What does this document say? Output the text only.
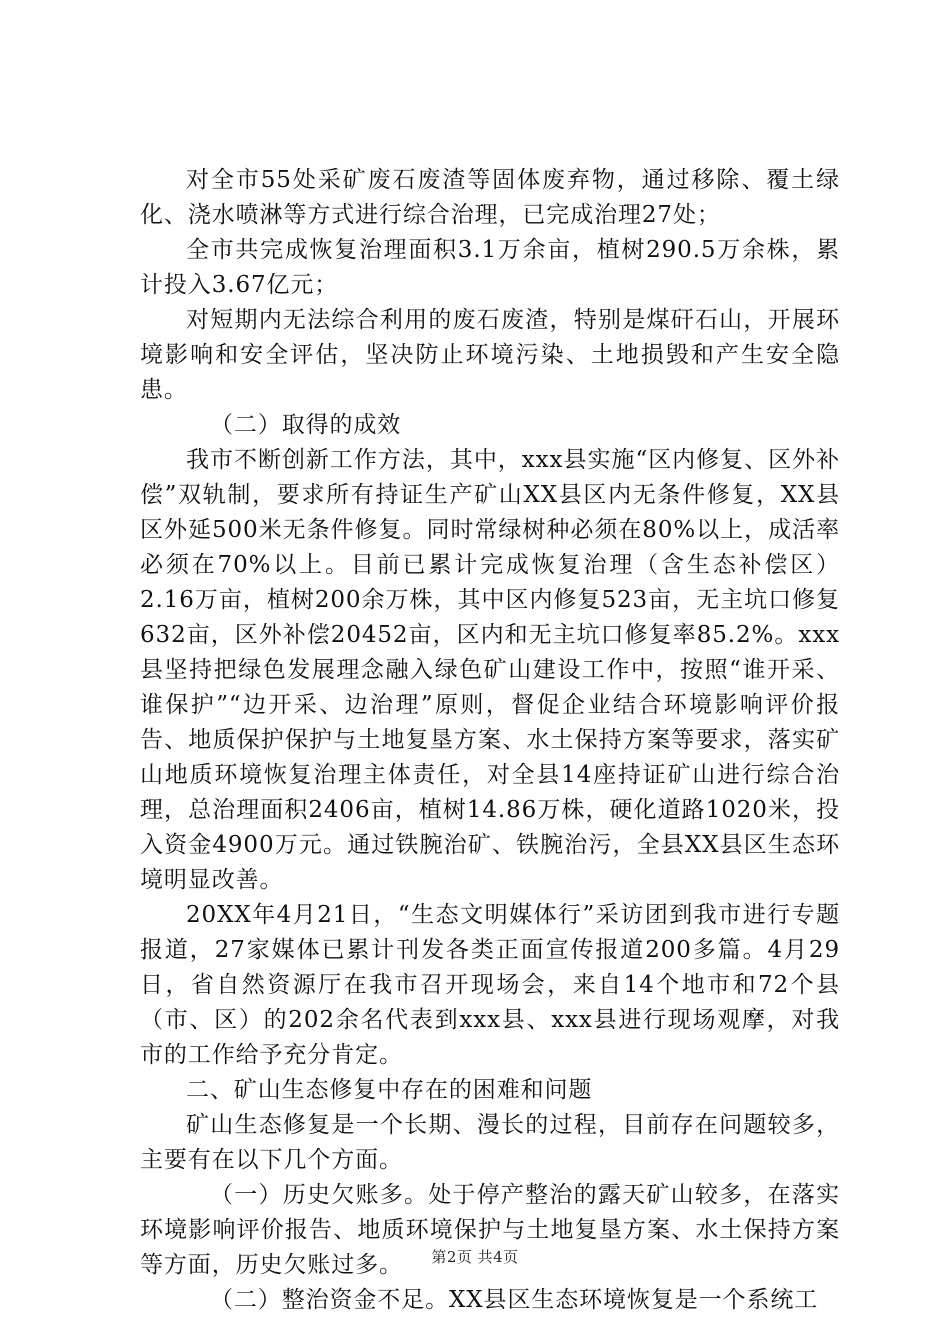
对全市55处采矿废石废渣等固体废弃物，通过移除、覆土绿化、浇水喷淋等方式进行综合治理，已完成治理27处；

全市共完成恢复治理面积3.1万余亩，植树290.5万余株，累计投入3.67亿元；

对短期内无法综合利用的废石废渣，特别是煤矸石山，开展环境影响和安全评估，坚决防止环境污染、土地损毁和产生安全隐患。

（二）取得的成效

我市不断创新工作方法，其中，xxx县实施“区内修复、区外补偿”双轨制，要求所有持证生产矿山XX县区内无条件修复，XX县区外延500米无条件修复。同时常绿树种必须在80%以上，成活率必须在70%以上。目前已累计完成恢复治理（含生态补偿区）2.16万亩，植树200余万株，其中区内修复523亩，无主坑口修复632亩，区外补偿20452亩，区内和无主坑口修复率85.2%。xxx县坚持把绿色发展理念融入绿色矿山建设工作中，按照“谁开采、谁保护”“边开采、边治理”原则，督促企业结合环境影响评价报告、地质保护保护与土地复垦方案、水土保持方案等要求，落实矿山地质环境恢复治理主体责任，对全县14座持证矿山进行综合治理，总治理面积2406亩，植树14.86万株，硬化道路1020米，投入资金4900万元。通过铁腕治矿、铁腕治污，全县XX县区生态环境明显改善。

20XX年4月21日，“生态文明媒体行”采访团到我市进行专题报道，27家媒体已累计刊发各类正面宣传报道200多篇。4月29日，省自然资源厅在我市召开现场会，来自14个地市和72个县（市、区）的202余名代表到xxx县、xxx县进行现场观摩，对我市的工作给予充分肯定。

二、矿山生态修复中存在的困难和问题

矿山生态修复是一个长期、漫长的过程，目前存在问题较多，主要有在以下几个方面。

（一）历史欠账多。处于停产整治的露天矿山较多，在落实环境影响评价报告、地质环境保护与土地复垦方案、水土保持方案等方面，历史欠账过多。

（二）整治资金不足。XX县区生态环境恢复是一个系统工

第2页 共4页
